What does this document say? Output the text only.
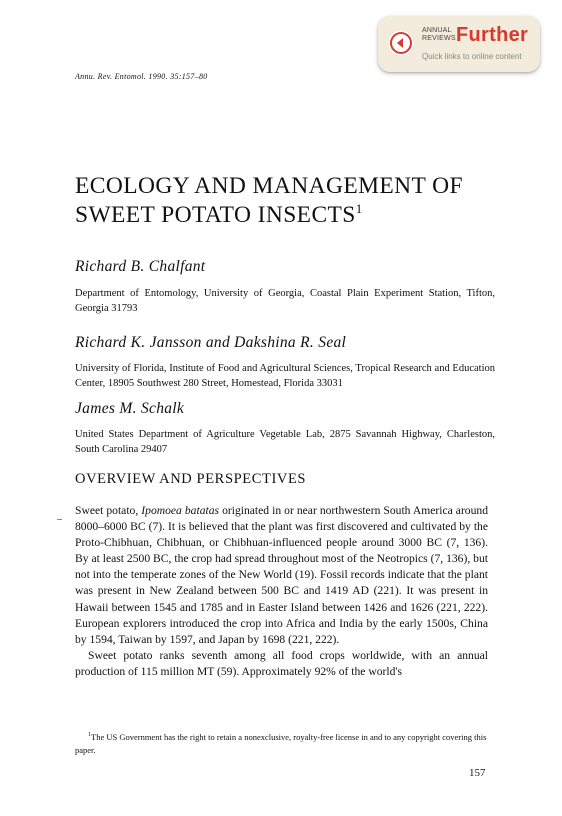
ANNUAL
REVIEWS Further
Quick links to online content
Annu. Rev. Entomol. 1990. 35:157–80
ECOLOGY AND MANAGEMENT OF
SWEET POTATO INSECTS$^1$
Richard B. Chalfant
Department of Entomology, University of Georgia, Coastal Plain Experiment Station, Tifton, Georgia 31793
Richard K. Jansson and Dakshina R. Seal
University of Florida, Institute of Food and Agricultural Sciences, Tropical Research and Education Center, 18905 Southwest 280 Street, Homestead, Florida 33031
James M. Schalk
United States Department of Agriculture Vegetable Lab, 2875 Savannah Highway, Charleston, South Carolina 29407
OVERVIEW AND PERSPECTIVES

Sweet potato, Ipomoea batatas originated in or near northwestern South America around 8000–6000 BC (7). It is believed that the plant was first discovered and cultivated by the Proto-Chibhuan, Chibhuan, or Chibhuan-influenced people around 3000 BC (7, 136). By at least 2500 BC, the crop had spread throughout most of the Neotropics (7, 136), but not into the temperate zones of the New World (19). Fossil records indicate that the plant was present in New Zealand between 500 BC and 1419 AD (221). It was present in Hawaii between 1545 and 1785 and in Easter Island between 1426 and 1626 (221, 222). European explorers introduced the crop into Africa and India by the early 1500s, China by 1594, Taiwan by 1597, and Japan by 1698 (221, 222).

Sweet potato ranks seventh among all food crops worldwide, with an annual production of 115 million MT (59). Approximately 92% of the world's

$^1$The US Government has the right to retain a nonexclusive, royalty-free license in and to any copyright covering this paper.
157
